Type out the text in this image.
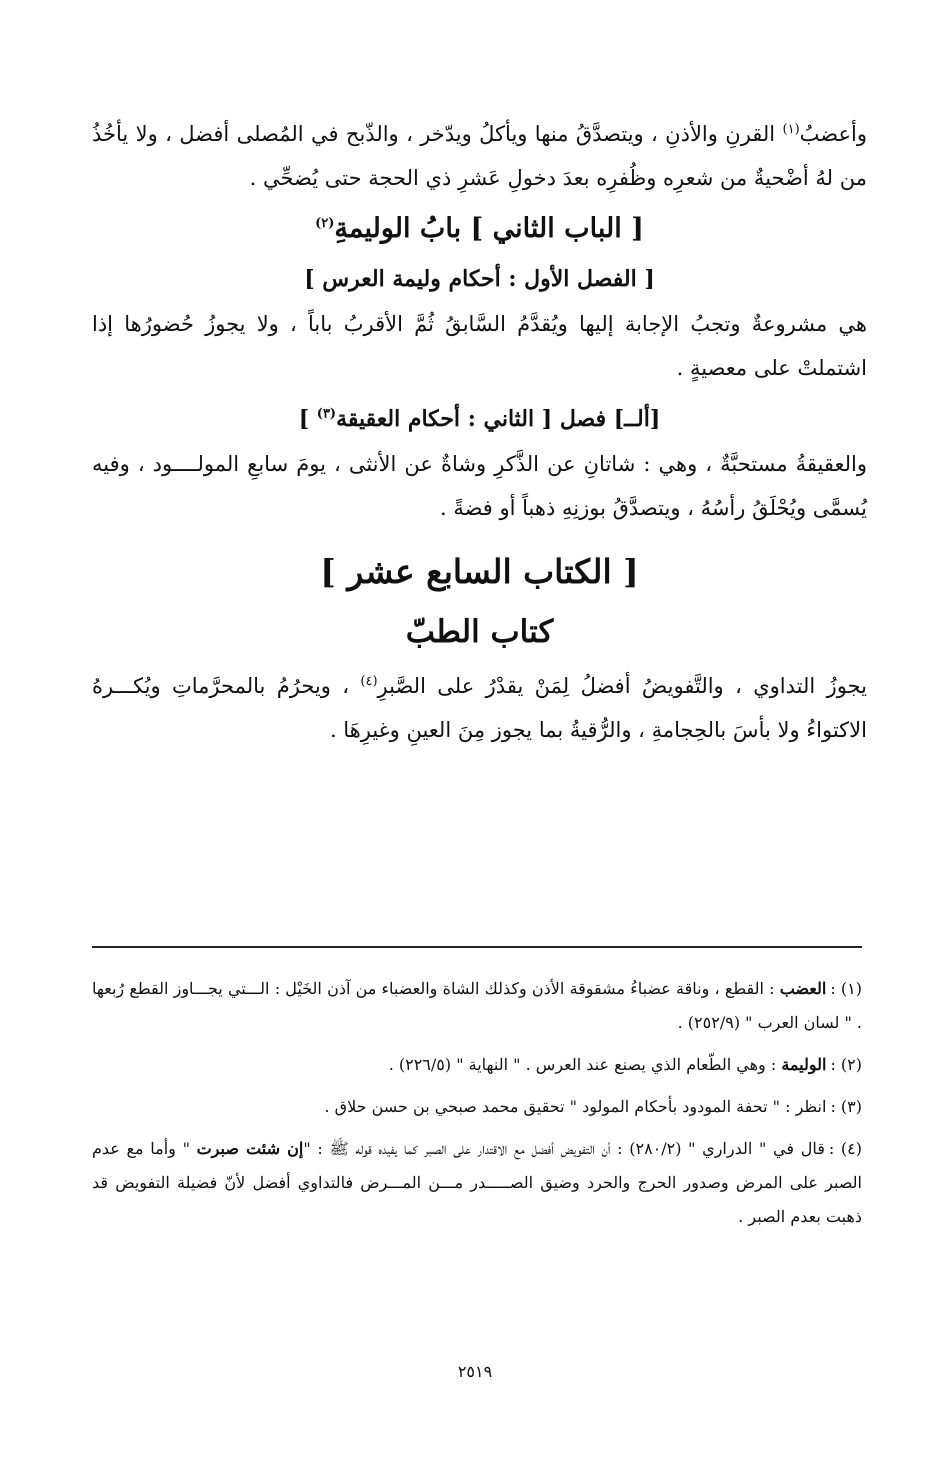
وأعضبُ$^{(١)}$ القرنِ والأذنِ ، ويتصدَّقُ منها ويأكلُ ويدّخر ، والذّبح في المُصلى أفضل ، ولا يأخُذُ من لهُ أضْحيةٌ من شعرِه وظُفرِه بعدَ دخولِ عَشرِ ذي الحجة حتى يُضحِّي .

[ الباب الثاني ] بابُ الوليمةِ$^{(٢)}$
[ الفصل الأول : أحكام وليمة العرس ]

هي مشروعةٌ وتجبُ الإجابة إليها ويُقدَّمُ السَّابقُ ثُمَّ الأقربُ باباً ، ولا يجوزُ حُضورُها إذا اشتملتْ على معصيةٍ .

[ألــ] فصل [ الثاني : أحكام العقيقة$^{(٣)}$ ]

والعقيقةُ مستحبَّةٌ ، وهي : شاتانِ عن الذَّكرِ وشاةٌ عن الأنثى ، يومَ سابعِ المولــــود ، وفيه يُسمَّى ويُحْلَقُ رأسُهُ ، ويتصدَّقُ بوزنِهِ ذهباً أو فضةً .

[ الكتاب السابع عشر ]
كتاب الطبّ

يجوزُ التداوي ، والتَّفويضُ أفضلُ لِمَنْ يقدْرُ على الصَّبرِ$^{(٤)}$ ، ويحرُمُ بالمحرَّماتِ ويُكـــرهُ الاكتواءُ ولا بأسَ بالحِجامةِ ، والرُّقيةُ بما يجوز مِنَ العينِ وغيرِهَا .

(١) :العضب : القطع ، وناقة عضباءُ مشقوقة الأذن وكذلك الشاة والعضباء من آذن الخَيْل : الـــتي يجـــاوز القطع رُبعها . " لسان العرب " (٢٥٢/٩) .

(٢) :الوليمة : وهي الطّعام الذي يصنع عند العرس . " النهاية " (٢٢٦/٥) .

(٣) :انظر : " تحفة المودود بأحكام المولود " تحقيق محمد صبحي بن حسن حلاق .

(٤) :قال في " الدراري " (٢٨٠/٢) : أن التفويض أفضل مع الاقتدار على الصبر كما يفيده قوله ﷺ : "إن شئت صبرت " وأما مع عدم الصبر على المرض وصدور الحرج والحرد وضيق الصـــــدر مـــن المـــرض فالتداوي أفضل لأنّ فضيلة التفويض قد ذهبت بعدم الصبر .

٢٥١٩
